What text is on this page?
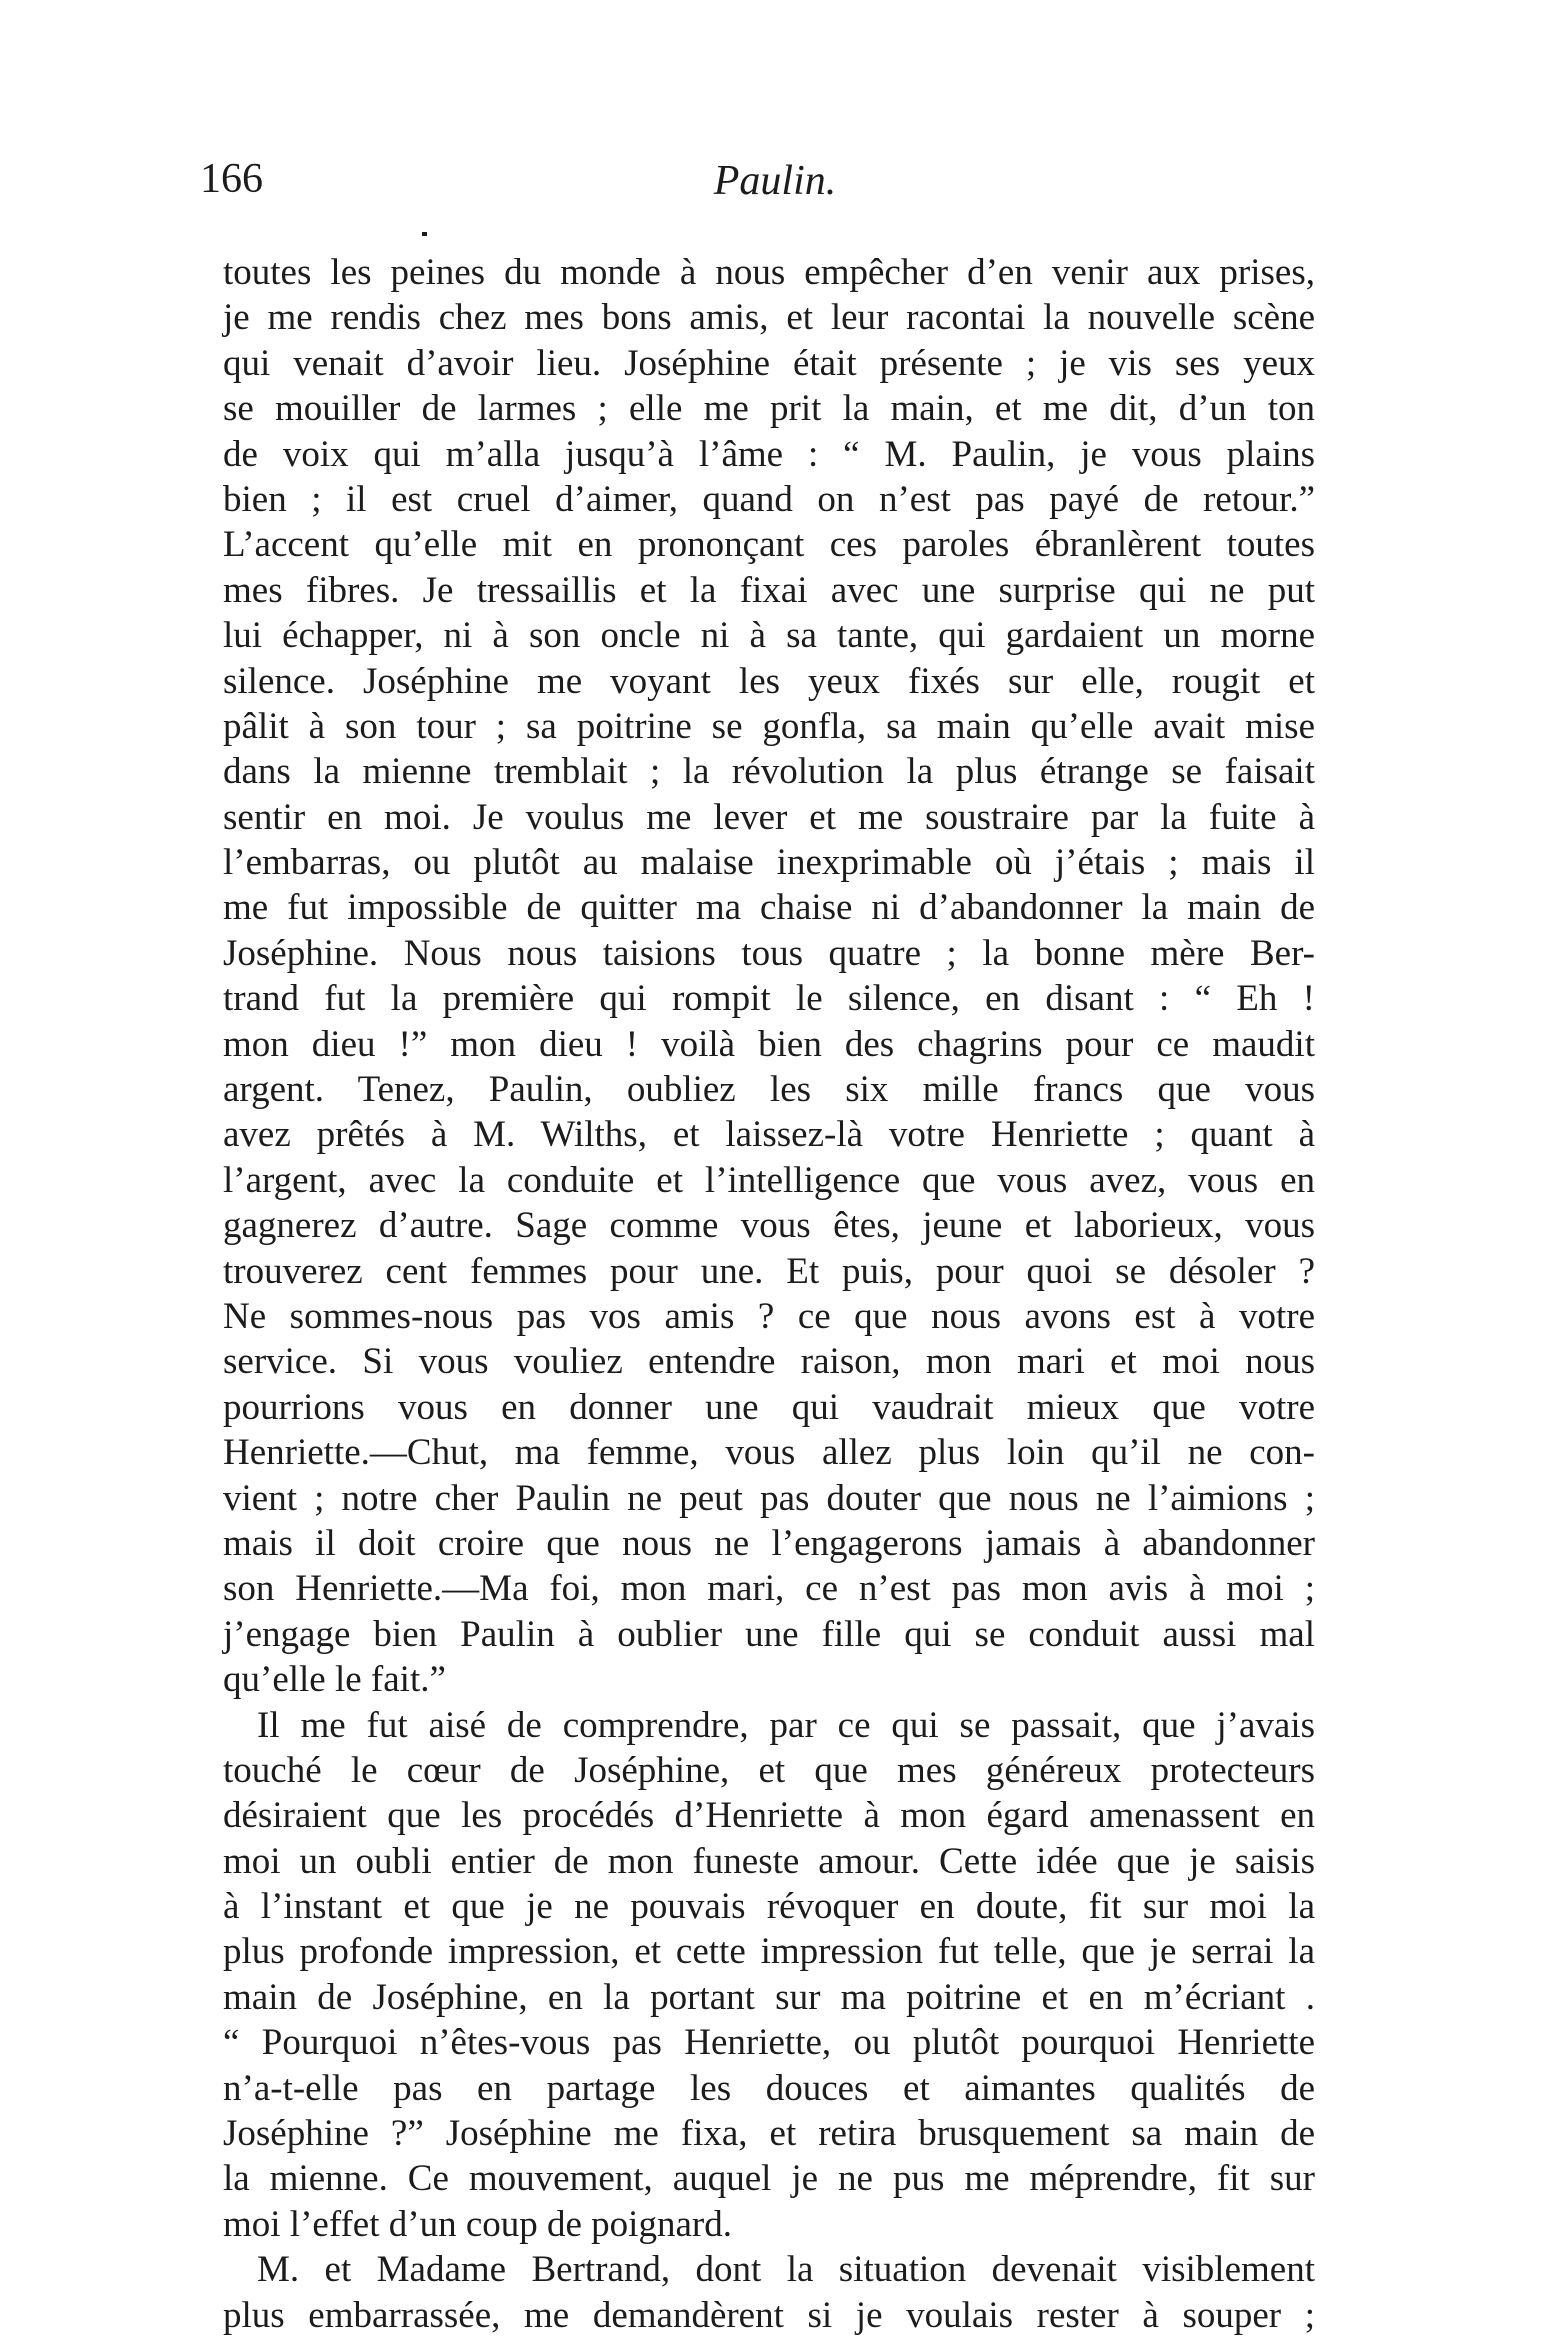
166	Paulin.
toutes les peines du monde à nous empêcher d’en venir aux prises,
je me rendis chez mes bons amis, et leur racontai la nouvelle scène
qui venait d’avoir lieu. Joséphine était présente ; je vis ses yeux
se mouiller de larmes ; elle me prit la main, et me dit, d’un ton
de voix qui m’alla jusqu’à l’âme : “ M. Paulin, je vous plains
bien ; il est cruel d’aimer, quand on n’est pas payé de retour.”
L’accent qu’elle mit en prononçant ces paroles ébranlèrent toutes
mes fibres. Je tressaillis et la fixai avec une surprise qui ne put
lui échapper, ni à son oncle ni à sa tante, qui gardaient un morne
silence. Joséphine me voyant les yeux fixés sur elle, rougit et
pâlit à son tour ; sa poitrine se gonfla, sa main qu’elle avait mise
dans la mienne tremblait ; la révolution la plus étrange se faisait
sentir en moi. Je voulus me lever et me soustraire par la fuite à
l’embarras, ou plutôt au malaise inexprimable où j’étais ; mais il
me fut impossible de quitter ma chaise ni d’abandonner la main de
Joséphine. Nous nous taisions tous quatre ; la bonne mère Ber-
trand fut la première qui rompit le silence, en disant : “ Eh !
mon dieu !” mon dieu ! voilà bien des chagrins pour ce maudit
argent. Tenez, Paulin, oubliez les six mille francs que vous
avez prêtés à M. Wilths, et laissez-là votre Henriette ; quant à
l’argent, avec la conduite et l’intelligence que vous avez, vous en
gagnerez d’autre. Sage comme vous êtes, jeune et laborieux, vous
trouverez cent femmes pour une. Et puis, pour quoi se désoler ?
Ne sommes-nous pas vos amis ? ce que nous avons est à votre
service. Si vous vouliez entendre raison, mon mari et moi nous
pourrions vous en donner une qui vaudrait mieux que votre
Henriette.—Chut, ma femme, vous allez plus loin qu’il ne con-
vient ; notre cher Paulin ne peut pas douter que nous ne l’aimions ;
mais il doit croire que nous ne l’engagerons jamais à abandonner
son Henriette.—Ma foi, mon mari, ce n’est pas mon avis à moi ;
j’engage bien Paulin à oublier une fille qui se conduit aussi mal
qu’elle le fait.”
Il me fut aisé de comprendre, par ce qui se passait, que j’avais
touché le cœur de Joséphine, et que mes généreux protecteurs
désiraient que les procédés d’Henriette à mon égard amenassent en
moi un oubli entier de mon funeste amour. Cette idée que je saisis
à l’instant et que je ne pouvais révoquer en doute, fit sur moi la
plus profonde impression, et cette impression fut telle, que je serrai la
main de Joséphine, en la portant sur ma poitrine et en m’écriant .
“ Pourquoi n’êtes-vous pas Henriette, ou plutôt pourquoi Henriette
n’a-t-elle pas en partage les douces et aimantes qualités de
Joséphine ?” Joséphine me fixa, et retira brusquement sa main de
la mienne. Ce mouvement, auquel je ne pus me méprendre, fit sur
moi l’effet d’un coup de poignard.
M. et Madame Bertrand, dont la situation devenait visiblement
plus embarrassée, me demandèrent si je voulais rester à souper ;
